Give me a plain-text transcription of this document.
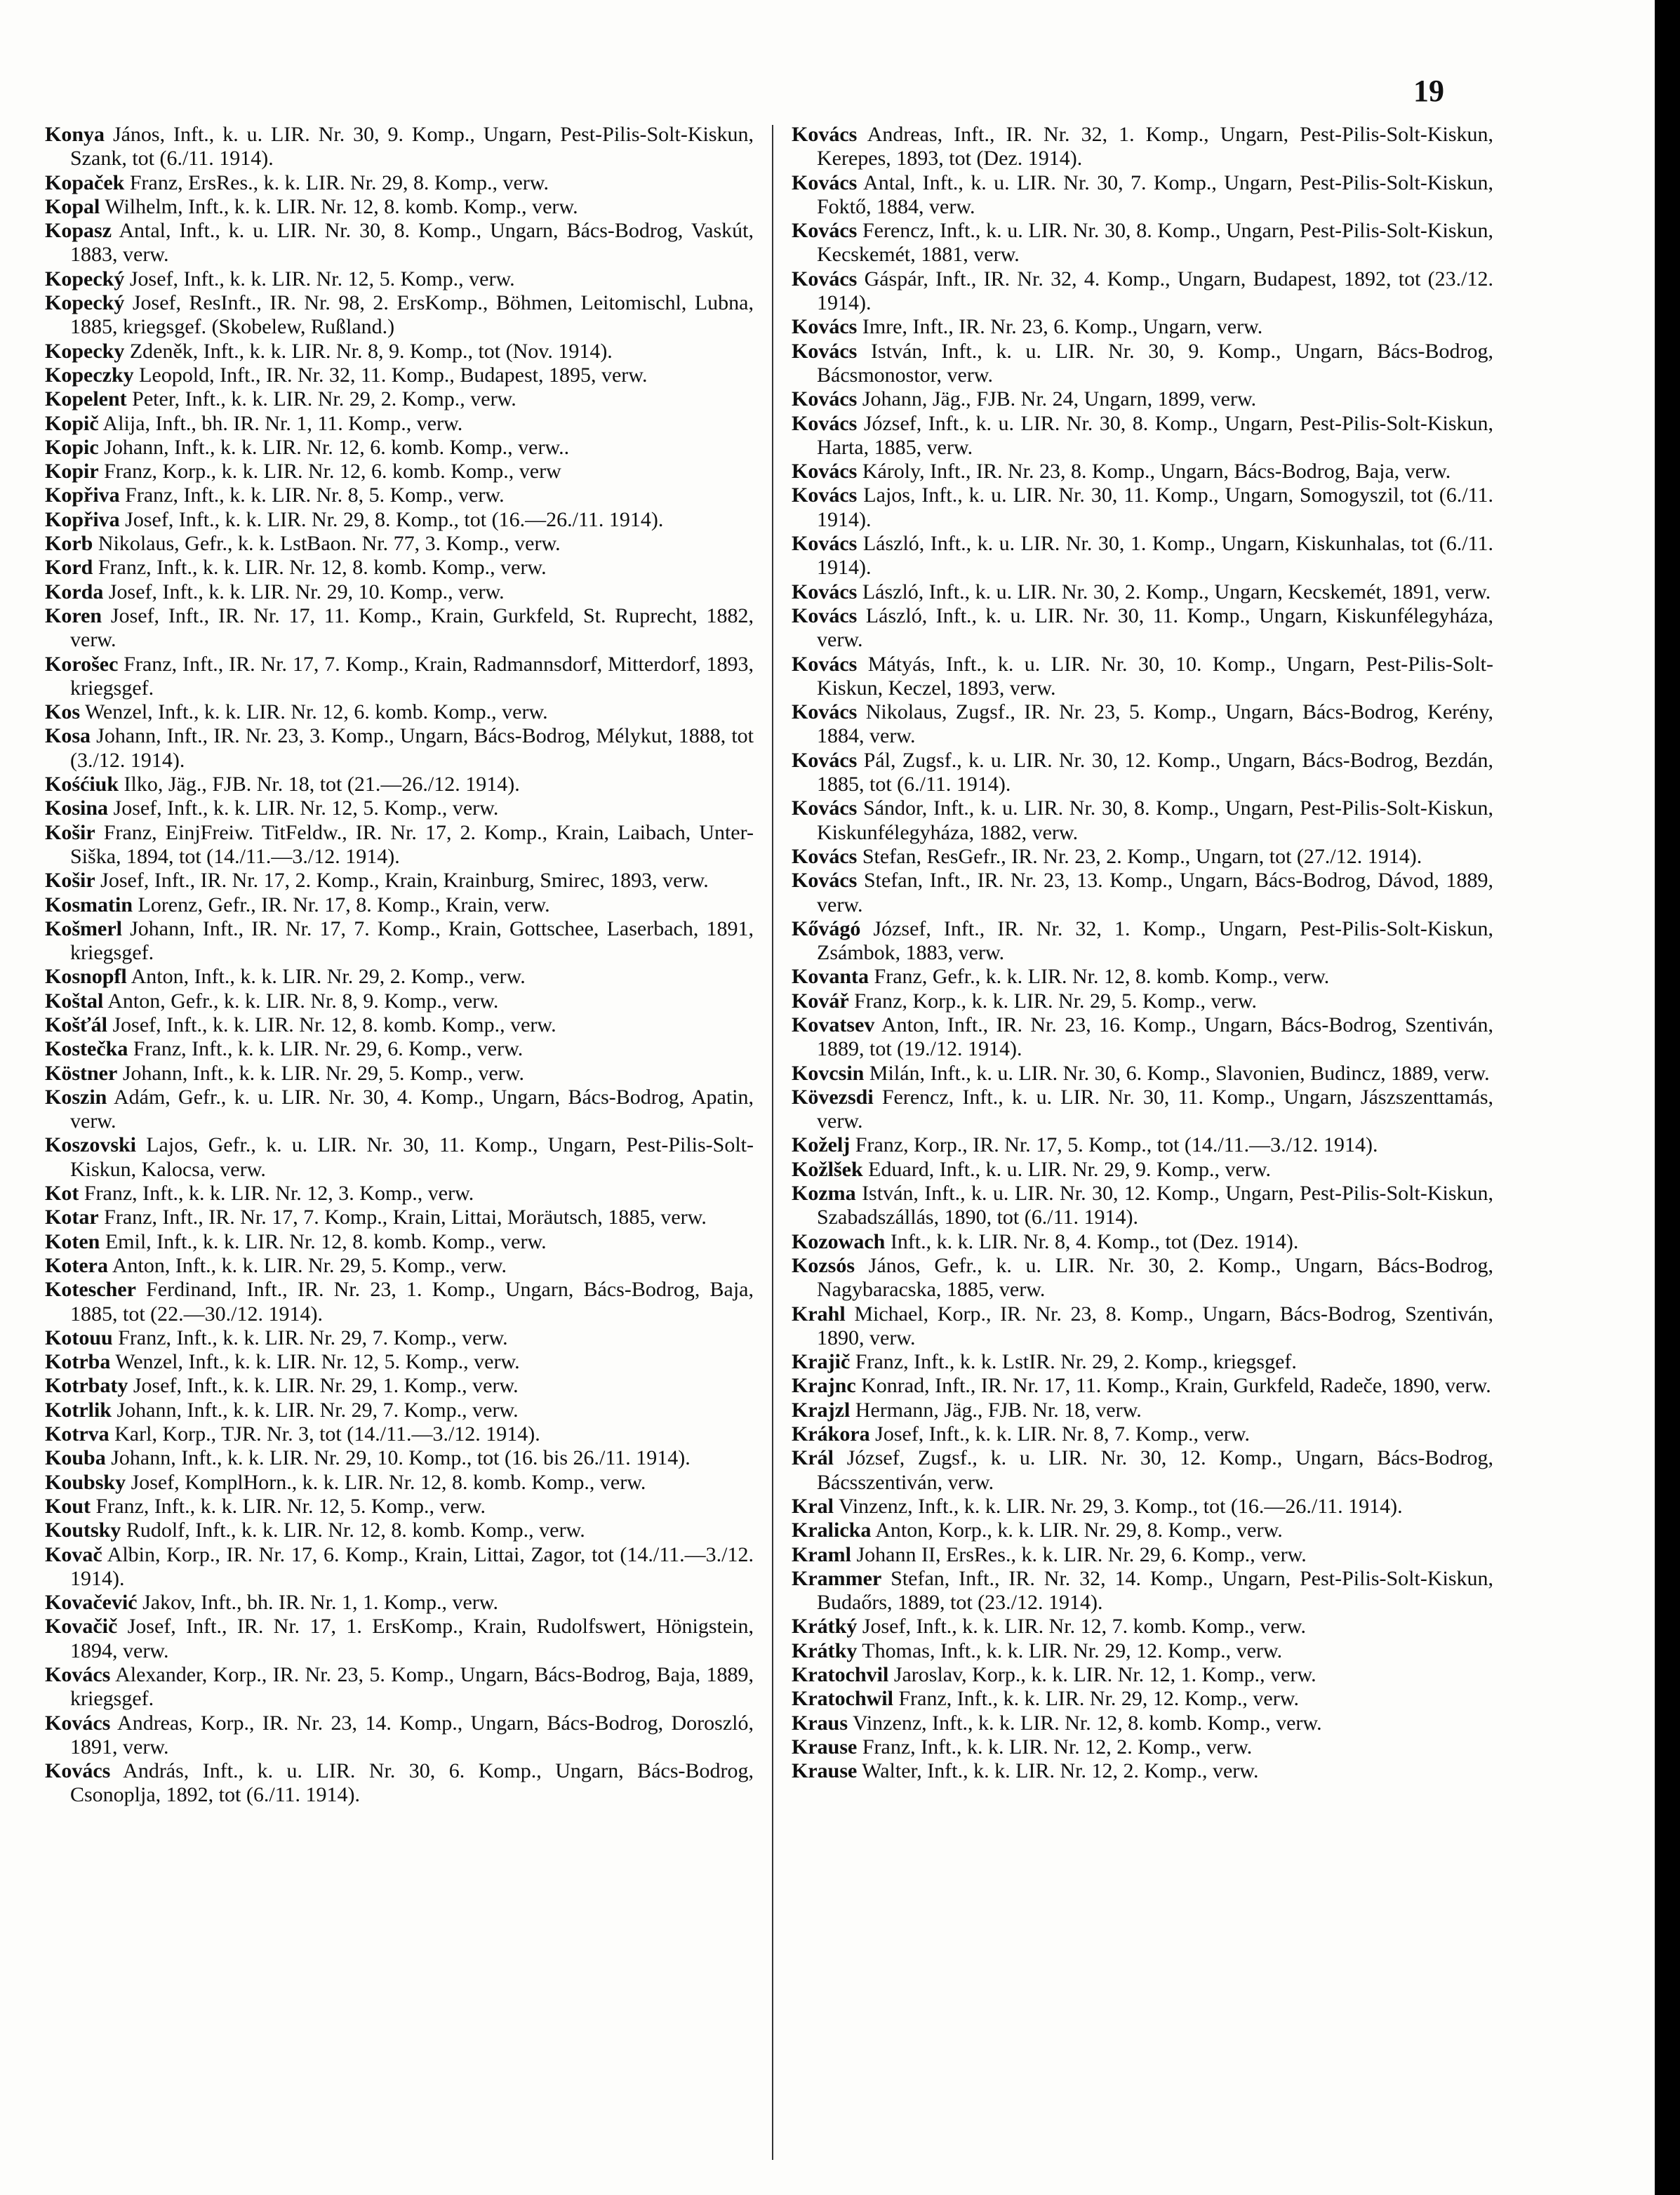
19

Konya János, Inft., k. u. LIR. Nr. 30, 9. Komp., Ungarn, Pest-Pilis-Solt-Kiskun, Szank, tot (6./11. 1914).

Kopaček Franz, ErsRes., k. k. LIR. Nr. 29, 8. Komp., verw.

Kopal Wilhelm, Inft., k. k. LIR. Nr. 12, 8. komb. Komp., verw.

Kopasz Antal, Inft., k. u. LIR. Nr. 30, 8. Komp., Ungarn, Bács-Bodrog, Vaskút, 1883, verw.

Kopecký Josef, Inft., k. k. LIR. Nr. 12, 5. Komp., verw.

Kopecký Josef, ResInft., IR. Nr. 98, 2. ErsKomp., Böhmen, Leitomischl, Lubna, 1885, kriegsgef. (Skobelew, Rußland.)

Kopecky Zdeněk, Inft., k. k. LIR. Nr. 8, 9. Komp., tot (Nov. 1914).

Kopeczky Leopold, Inft., IR. Nr. 32, 11. Komp., Budapest, 1895, verw.

Kopelent Peter, Inft., k. k. LIR. Nr. 29, 2. Komp., verw.

Kopič Alija, Inft., bh. IR. Nr. 1, 11. Komp., verw.

Kopic Johann, Inft., k. k. LIR. Nr. 12, 6. komb. Komp., verw..

Kopir Franz, Korp., k. k. LIR. Nr. 12, 6. komb. Komp., verw

Kopřiva Franz, Inft., k. k. LIR. Nr. 8, 5. Komp., verw.

Kopřiva Josef, Inft., k. k. LIR. Nr. 29, 8. Komp., tot (16.—26./11. 1914).

Korb Nikolaus, Gefr., k. k. LstBaon. Nr. 77, 3. Komp., verw.

Kord Franz, Inft., k. k. LIR. Nr. 12, 8. komb. Komp., verw.

Korda Josef, Inft., k. k. LIR. Nr. 29, 10. Komp., verw.

Koren Josef, Inft., IR. Nr. 17, 11. Komp., Krain, Gurkfeld, St. Ruprecht, 1882, verw.

Korošec Franz, Inft., IR. Nr. 17, 7. Komp., Krain, Radmannsdorf, Mitterdorf, 1893, kriegsgef.

Kos Wenzel, Inft., k. k. LIR. Nr. 12, 6. komb. Komp., verw.

Kosa Johann, Inft., IR. Nr. 23, 3. Komp., Ungarn, Bács-Bodrog, Mélykut, 1888, tot (3./12. 1914).

Kośćiuk Ilko, Jäg., FJB. Nr. 18, tot (21.—26./12. 1914).

Kosina Josef, Inft., k. k. LIR. Nr. 12, 5. Komp., verw.

Košir Franz, EinjFreiw. TitFeldw., IR. Nr. 17, 2. Komp., Krain, Laibach, Unter-Siška, 1894, tot (14./11.—3./12. 1914).

Košir Josef, Inft., IR. Nr. 17, 2. Komp., Krain, Krainburg, Smirec, 1893, verw.

Kosmatin Lorenz, Gefr., IR. Nr. 17, 8. Komp., Krain, verw.

Košmerl Johann, Inft., IR. Nr. 17, 7. Komp., Krain, Gottschee, Laserbach, 1891, kriegsgef.

Kosnopfl Anton, Inft., k. k. LIR. Nr. 29, 2. Komp., verw.

Koštal Anton, Gefr., k. k. LIR. Nr. 8, 9. Komp., verw.

Košťál Josef, Inft., k. k. LIR. Nr. 12, 8. komb. Komp., verw.

Kostečka Franz, Inft., k. k. LIR. Nr. 29, 6. Komp., verw.

Köstner Johann, Inft., k. k. LIR. Nr. 29, 5. Komp., verw.

Koszin Adám, Gefr., k. u. LIR. Nr. 30, 4. Komp., Ungarn, Bács-Bodrog, Apatin, verw.

Koszovski Lajos, Gefr., k. u. LIR. Nr. 30, 11. Komp., Ungarn, Pest-Pilis-Solt-Kiskun, Kalocsa, verw.

Kot Franz, Inft., k. k. LIR. Nr. 12, 3. Komp., verw.

Kotar Franz, Inft., IR. Nr. 17, 7. Komp., Krain, Littai, Moräutsch, 1885, verw.

Koten Emil, Inft., k. k. LIR. Nr. 12, 8. komb. Komp., verw.

Kotera Anton, Inft., k. k. LIR. Nr. 29, 5. Komp., verw.

Kotescher Ferdinand, Inft., IR. Nr. 23, 1. Komp., Ungarn, Bács-Bodrog, Baja, 1885, tot (22.—30./12. 1914).

Kotouu Franz, Inft., k. k. LIR. Nr. 29, 7. Komp., verw.

Kotrba Wenzel, Inft., k. k. LIR. Nr. 12, 5. Komp., verw.

Kotrbaty Josef, Inft., k. k. LIR. Nr. 29, 1. Komp., verw.

Kotrlik Johann, Inft., k. k. LIR. Nr. 29, 7. Komp., verw.

Kotrva Karl, Korp., TJR. Nr. 3, tot (14./11.—3./12. 1914).

Kouba Johann, Inft., k. k. LIR. Nr. 29, 10. Komp., tot (16. bis 26./11. 1914).

Koubsky Josef, KomplHorn., k. k. LIR. Nr. 12, 8. komb. Komp., verw.

Kout Franz, Inft., k. k. LIR. Nr. 12, 5. Komp., verw.

Koutsky Rudolf, Inft., k. k. LIR. Nr. 12, 8. komb. Komp., verw.

Kovač Albin, Korp., IR. Nr. 17, 6. Komp., Krain, Littai, Zagor, tot (14./11.—3./12. 1914).

Kovačević Jakov, Inft., bh. IR. Nr. 1, 1. Komp., verw.

Kovačič Josef, Inft., IR. Nr. 17, 1. ErsKomp., Krain, Rudolfswert, Hönigstein, 1894, verw.

Kovács Alexander, Korp., IR. Nr. 23, 5. Komp., Ungarn, Bács-Bodrog, Baja, 1889, kriegsgef.

Kovács Andreas, Korp., IR. Nr. 23, 14. Komp., Ungarn, Bács-Bodrog, Doroszló, 1891, verw.

Kovács András, Inft., k. u. LIR. Nr. 30, 6. Komp., Ungarn, Bács-Bodrog, Csonoplja, 1892, tot (6./11. 1914).

Kovács Andreas, Inft., IR. Nr. 32, 1. Komp., Ungarn, Pest-Pilis-Solt-Kiskun, Kerepes, 1893, tot (Dez. 1914).

Kovács Antal, Inft., k. u. LIR. Nr. 30, 7. Komp., Ungarn, Pest-Pilis-Solt-Kiskun, Foktő, 1884, verw.

Kovács Ferencz, Inft., k. u. LIR. Nr. 30, 8. Komp., Ungarn, Pest-Pilis-Solt-Kiskun, Kecskemét, 1881, verw.

Kovács Gáspár, Inft., IR. Nr. 32, 4. Komp., Ungarn, Budapest, 1892, tot (23./12. 1914).

Kovács Imre, Inft., IR. Nr. 23, 6. Komp., Ungarn, verw.

Kovács István, Inft., k. u. LIR. Nr. 30, 9. Komp., Ungarn, Bács-Bodrog, Bácsmonostor, verw.

Kovács Johann, Jäg., FJB. Nr. 24, Ungarn, 1899, verw.

Kovács József, Inft., k. u. LIR. Nr. 30, 8. Komp., Ungarn, Pest-Pilis-Solt-Kiskun, Harta, 1885, verw.

Kovács Károly, Inft., IR. Nr. 23, 8. Komp., Ungarn, Bács-Bodrog, Baja, verw.

Kovács Lajos, Inft., k. u. LIR. Nr. 30, 11. Komp., Ungarn, Somogyszil, tot (6./11. 1914).

Kovács László, Inft., k. u. LIR. Nr. 30, 1. Komp., Ungarn, Kiskunhalas, tot (6./11. 1914).

Kovács László, Inft., k. u. LIR. Nr. 30, 2. Komp., Ungarn, Kecskemét, 1891, verw.

Kovács László, Inft., k. u. LIR. Nr. 30, 11. Komp., Ungarn, Kiskunfélegyháza, verw.

Kovács Mátyás, Inft., k. u. LIR. Nr. 30, 10. Komp., Ungarn, Pest-Pilis-Solt-Kiskun, Keczel, 1893, verw.

Kovács Nikolaus, Zugsf., IR. Nr. 23, 5. Komp., Ungarn, Bács-Bodrog, Kerény, 1884, verw.

Kovács Pál, Zugsf., k. u. LIR. Nr. 30, 12. Komp., Ungarn, Bács-Bodrog, Bezdán, 1885, tot (6./11. 1914).

Kovács Sándor, Inft., k. u. LIR. Nr. 30, 8. Komp., Ungarn, Pest-Pilis-Solt-Kiskun, Kiskunfélegyháza, 1882, verw.

Kovács Stefan, ResGefr., IR. Nr. 23, 2. Komp., Ungarn, tot (27./12. 1914).

Kovács Stefan, Inft., IR. Nr. 23, 13. Komp., Ungarn, Bács-Bodrog, Dávod, 1889, verw.

Kővágó József, Inft., IR. Nr. 32, 1. Komp., Ungarn, Pest-Pilis-Solt-Kiskun, Zsámbok, 1883, verw.

Kovanta Franz, Gefr., k. k. LIR. Nr. 12, 8. komb. Komp., verw.

Kovář Franz, Korp., k. k. LIR. Nr. 29, 5. Komp., verw.

Kovatsev Anton, Inft., IR. Nr. 23, 16. Komp., Ungarn, Bács-Bodrog, Szentiván, 1889, tot (19./12. 1914).

Kovcsin Milán, Inft., k. u. LIR. Nr. 30, 6. Komp., Slavonien, Budincz, 1889, verw.

Kövezsdi Ferencz, Inft., k. u. LIR. Nr. 30, 11. Komp., Ungarn, Jászszenttamás, verw.

Koželj Franz, Korp., IR. Nr. 17, 5. Komp., tot (14./11.—3./12. 1914).

Kožlšek Eduard, Inft., k. u. LIR. Nr. 29, 9. Komp., verw.

Kozma István, Inft., k. u. LIR. Nr. 30, 12. Komp., Ungarn, Pest-Pilis-Solt-Kiskun, Szabadszállás, 1890, tot (6./11. 1914).

Kozowach Inft., k. k. LIR. Nr. 8, 4. Komp., tot (Dez. 1914).

Kozsós János, Gefr., k. u. LIR. Nr. 30, 2. Komp., Ungarn, Bács-Bodrog, Nagybaracska, 1885, verw.

Krahl Michael, Korp., IR. Nr. 23, 8. Komp., Ungarn, Bács-Bodrog, Szentiván, 1890, verw.

Krajič Franz, Inft., k. k. LstIR. Nr. 29, 2. Komp., kriegsgef.

Krajnc Konrad, Inft., IR. Nr. 17, 11. Komp., Krain, Gurkfeld, Radeče, 1890, verw.

Krajzl Hermann, Jäg., FJB. Nr. 18, verw.

Krákora Josef, Inft., k. k. LIR. Nr. 8, 7. Komp., verw.

Král József, Zugsf., k. u. LIR. Nr. 30, 12. Komp., Ungarn, Bács-Bodrog, Bácsszentiván, verw.

Kral Vinzenz, Inft., k. k. LIR. Nr. 29, 3. Komp., tot (16.—26./11. 1914).

Kralicka Anton, Korp., k. k. LIR. Nr. 29, 8. Komp., verw.

Kraml Johann II, ErsRes., k. k. LIR. Nr. 29, 6. Komp., verw.

Krammer Stefan, Inft., IR. Nr. 32, 14. Komp., Ungarn, Pest-Pilis-Solt-Kiskun, Budaőrs, 1889, tot (23./12. 1914).

Krátký Josef, Inft., k. k. LIR. Nr. 12, 7. komb. Komp., verw.

Krátky Thomas, Inft., k. k. LIR. Nr. 29, 12. Komp., verw.

Kratochvil Jaroslav, Korp., k. k. LIR. Nr. 12, 1. Komp., verw.

Kratochwil Franz, Inft., k. k. LIR. Nr. 29, 12. Komp., verw.

Kraus Vinzenz, Inft., k. k. LIR. Nr. 12, 8. komb. Komp., verw.

Krause Franz, Inft., k. k. LIR. Nr. 12, 2. Komp., verw.

Krause Walter, Inft., k. k. LIR. Nr. 12, 2. Komp., verw.
